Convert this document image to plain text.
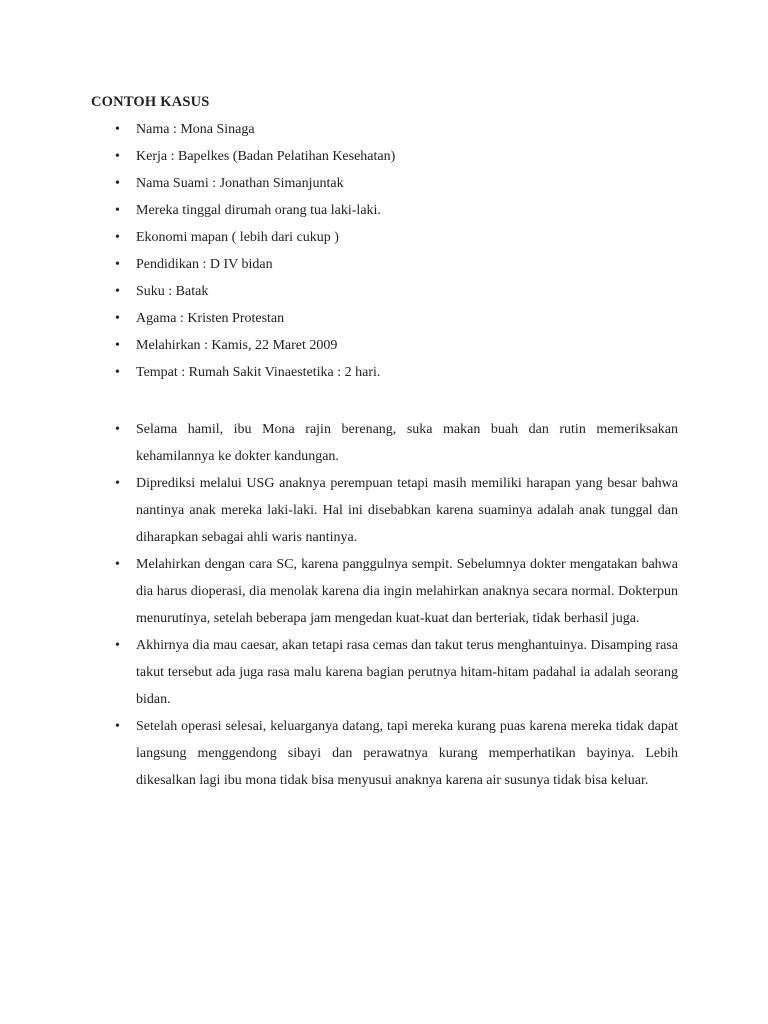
CONTOH KASUS
• Nama : Mona Sinaga
• Kerja : Bapelkes (Badan Pelatihan Kesehatan)
• Nama Suami : Jonathan Simanjuntak
• Mereka tinggal dirumah orang tua laki-laki.
• Ekonomi mapan ( lebih dari cukup )
• Pendidikan : D IV bidan
• Suku : Batak
• Agama : Kristen Protestan
• Melahirkan : Kamis, 22 Maret 2009
• Tempat : Rumah Sakit Vinaestetika : 2 hari.
• Selama hamil, ibu Mona rajin berenang, suka makan buah dan rutin memeriksakan kehamilannya ke dokter kandungan.
• Diprediksi melalui USG anaknya perempuan tetapi masih memiliki harapan yang besar bahwa nantinya anak mereka laki-laki. Hal ini disebabkan karena suaminya adalah anak tunggal dan diharapkan sebagai ahli waris nantinya.
• Melahirkan dengan cara SC, karena panggulnya sempit. Sebelumnya dokter mengatakan bahwa dia harus dioperasi, dia menolak karena dia ingin melahirkan anaknya secara normal. Dokterpun menurutinya, setelah beberapa jam mengedan kuat-kuat dan berteriak, tidak berhasil juga.
• Akhirnya dia mau caesar, akan tetapi rasa cemas dan takut terus menghantuinya. Disamping rasa takut tersebut ada juga rasa malu karena bagian perutnya hitam-hitam padahal ia adalah seorang bidan.
• Setelah operasi selesai, keluarganya datang, tapi mereka kurang puas karena mereka tidak dapat langsung menggendong sibayi dan perawatnya kurang memperhatikan bayinya. Lebih dikesalkan lagi ibu mona tidak bisa menyusui anaknya karena air susunya tidak bisa keluar.
